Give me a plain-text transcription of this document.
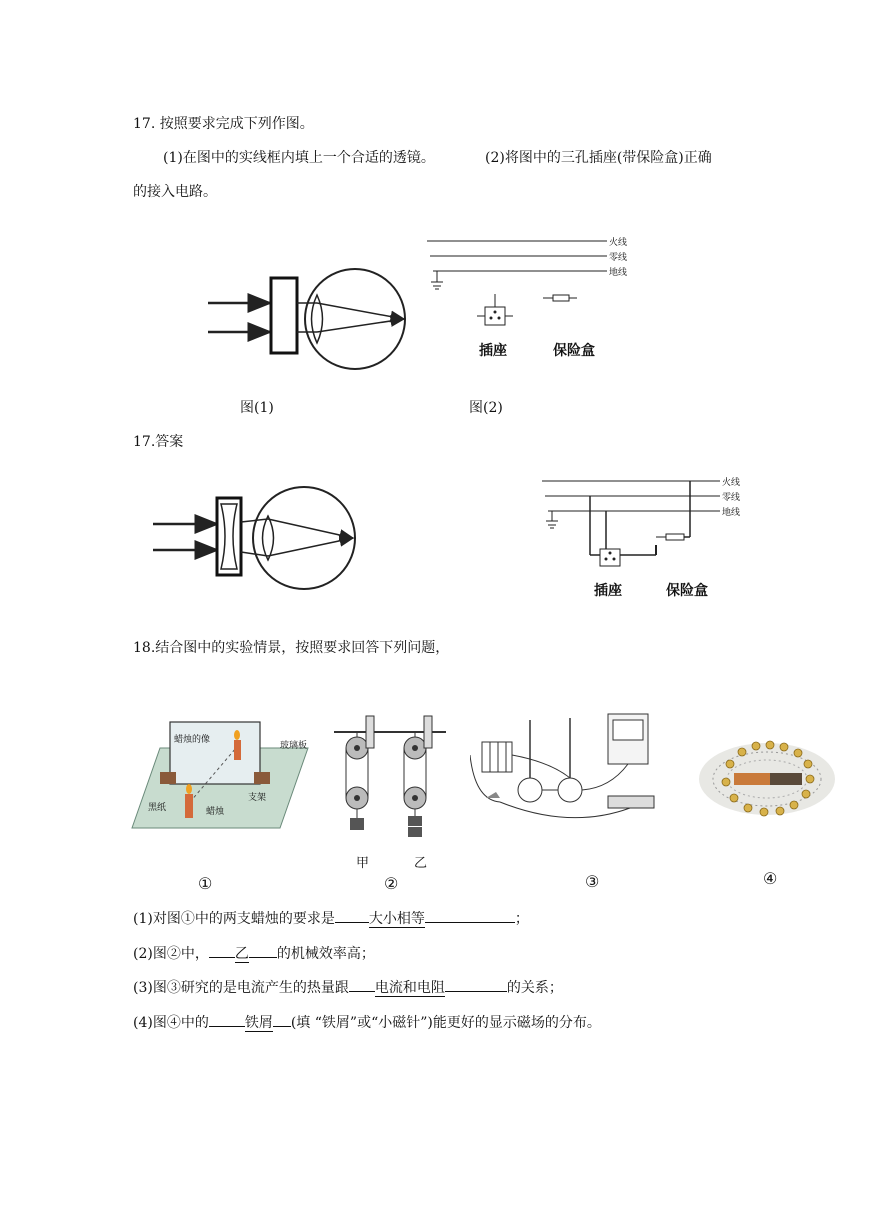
17. 按照要求完成下列作图。
(1)在图中的实线框内填上一个合适的透镜。	(2)将图中的三孔插座(带保险盒)正确
的接入电路。
火线
零线
地线
插座	保险盒
图(1)	图(2)
17.答案
火线
零线
地线
插座	保险盒
18.结合图中的实验情景，按照要求回答下列问题，
蜡烛的像
玻璃板
黑纸	蜡烛
支架
甲	乙
①	②	③	④
(1)对图①中的两支蜡烛的要求是 大小相等	；
(2)图②中， 乙 的机械效率高；
(3)图③研究的是电流产生的热量跟 电流和电阻	的关系；
(4)图④中的	铁屑 (填 “铁屑”或“小磁针”)能更好的显示磁场的分布。
